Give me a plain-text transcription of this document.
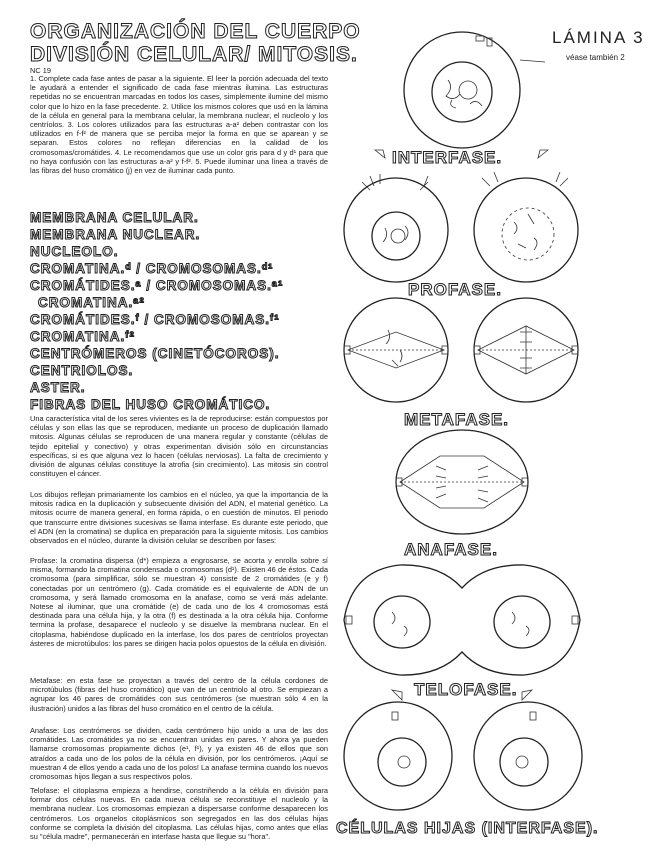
ORGANIZACIÓN DEL CUERPO
DIVISIÓN CELULAR/ MITOSIS.
LÁMINA 3
véase también 2
NC 19
1. Complete cada fase antes de pasar a la siguiente. El leer la porción adecuada del texto le ayudará a entender el significado de cada fase mientras ilumina. Las estructuras repetidas no se encuentran marcadas en todos los cases, simplemente ilumine del mismo color que lo hizo en la fase precedente. 2. Utilice los mismos colores que usó en la lámina de la célula en general para la membrana celular, la membrana nuclear, el nucleolo y los centríolos. 3. Los colores utilizados para las estructuras a-a² deben contrastar con los utilizados en f-f² de manera que se perciba mejor la forma en que se aparean y se separan. Estos colores no reflejan diferencias en la calidad de los cromosomas/cromátides. 4. Le recomendamos que use un color gris para d y d¹ para que no haya confusión con las estructuras a-a² y f-f². 5. Puede iluminar una línea a través de las fibras del huso cromático (j) en vez de iluminar cada punto.
MEMBRANA CELULAR.
MEMBRANA NUCLEAR.
NUCLEOLO.
CROMATINA.ᵈ / CROMOSOMAS.ᵈ¹
CROMÁTIDES.ᵃ / CROMOSOMAS.ᵃ¹
CROMATINA.ᵃ²
CROMÁTIDES.ᶠ / CROMOSOMAS.ᶠ¹
CROMATINA.ᶠ²
CENTRÓMEROS (CINETÓCOROS).
CENTRIOLOS.
ASTER.
FIBRAS DEL HUSO CROMÁTICO.
Una característica vital de los seres vivientes es la de reproducirse: están compuestos por células y son ellas las que se reproducen, mediante un proceso de duplicación llamado mitosis. Algunas células se reproducen de una manera regular y constante (células de tejido epitelial y conectivo) y otras experimentan división sólo en circunstancias específicas, si es que alguna vez lo hacen (células nerviosas). La falta de crecimiento y división de algunas células constituye la atrofia (sin crecimiento). Las mitosis sin control constituyen el cáncer.
Los dibujos reflejan primariamente los cambios en el núcleo, ya que la importancia de la mitosis radica en la duplicación y subsecuente división del ADN, el material genético. La mitosis ocurre de manera general, en forma rápida, o en cuestión de minutos. El periodo que transcurre entre divisiones sucesivas se llama interfase. Es durante este periodo, que el ADN (en la cromatina) se duplica en preparación para la siguiente mitosis. Los cambios observados en el núcleo, durante la división celular se describen por fases:
Profase: la cromatina dispersa (d*) empieza a engrosarse, se acorta y enrolla sobre sí misma, formando la cromatina condensada o cromosomas (d¹). Existen 46 de éstos. Cada cromosoma (para simplificar, sólo se muestran 4) consiste de 2 cromátides (e y f) conectadas por un centrómero (g). Cada cromátide es el equivalente de ADN de un cromosoma, y será llamado cromosoma en la anafase, como se verá más adelante. Notese al iluminar, que una cromátide (e) de cada uno de los 4 cromosomas está destinada para una célula hija, y la otra (f) es destinada a la otra célula hija. Conforme termina la profase, desaparece el nucleolo y se disuelve la membrana nuclear. En el citoplasma, habiéndose duplicado en la interfase, los dos pares de centríolos proyectan ásteres de microtúbulos: los pares se dirigen hacia polos opuestos de la célula en división.
Metafase: en esta fase se proyectan a través del centro de la célula cordones de microtúbulos (fibras del huso cromático) que van de un centriolo al otro. Se empiezan a agrupar los 46 pares de cromátides con sus centrómeros (se muestran sólo 4 en la ilustración) unidos a las fibras del huso cromático en el centro de la célula.
Anafase: Los centrómeros se dividen, cada centrómero hijo unido a una de las dos cromátides. Las cromátides ya no se encuentran unidas en pares. Y ahora ya pueden llamarse cromosomas propiamente dichos (e¹, f¹), y ya existen 46 de ellos que son atraídos a cada uno de los polos de la célula en división, por los centrómeros. ¡Aquí se muestran 4 de ellos yendo a cada uno de los polos! La anafase termina cuando los nuevos cromosomas hijos llegan a sus respectivos polos.
Telofase: el citoplasma empieza a hendirse, constriñendo a la célula en división para formar dos células nuevas. En cada nueva célula se reconstituye el nucleolo y la membrana nuclear. Los cromosomas empiezan a dispersarse conforme desaparecen los centrómeros. Los organelos citoplásmicos son segregados en las dos células hijas conforme se completa la división del citoplasma. Las células hijas, como antes que ellas su "célula madre", permanecerán en interfase hasta que llegue su "hora".
INTERFASE.
PROFASE.
METAFASE.
ANAFASE.
TELOFASE.
CÉLULAS HIJAS (INTERFASE).
